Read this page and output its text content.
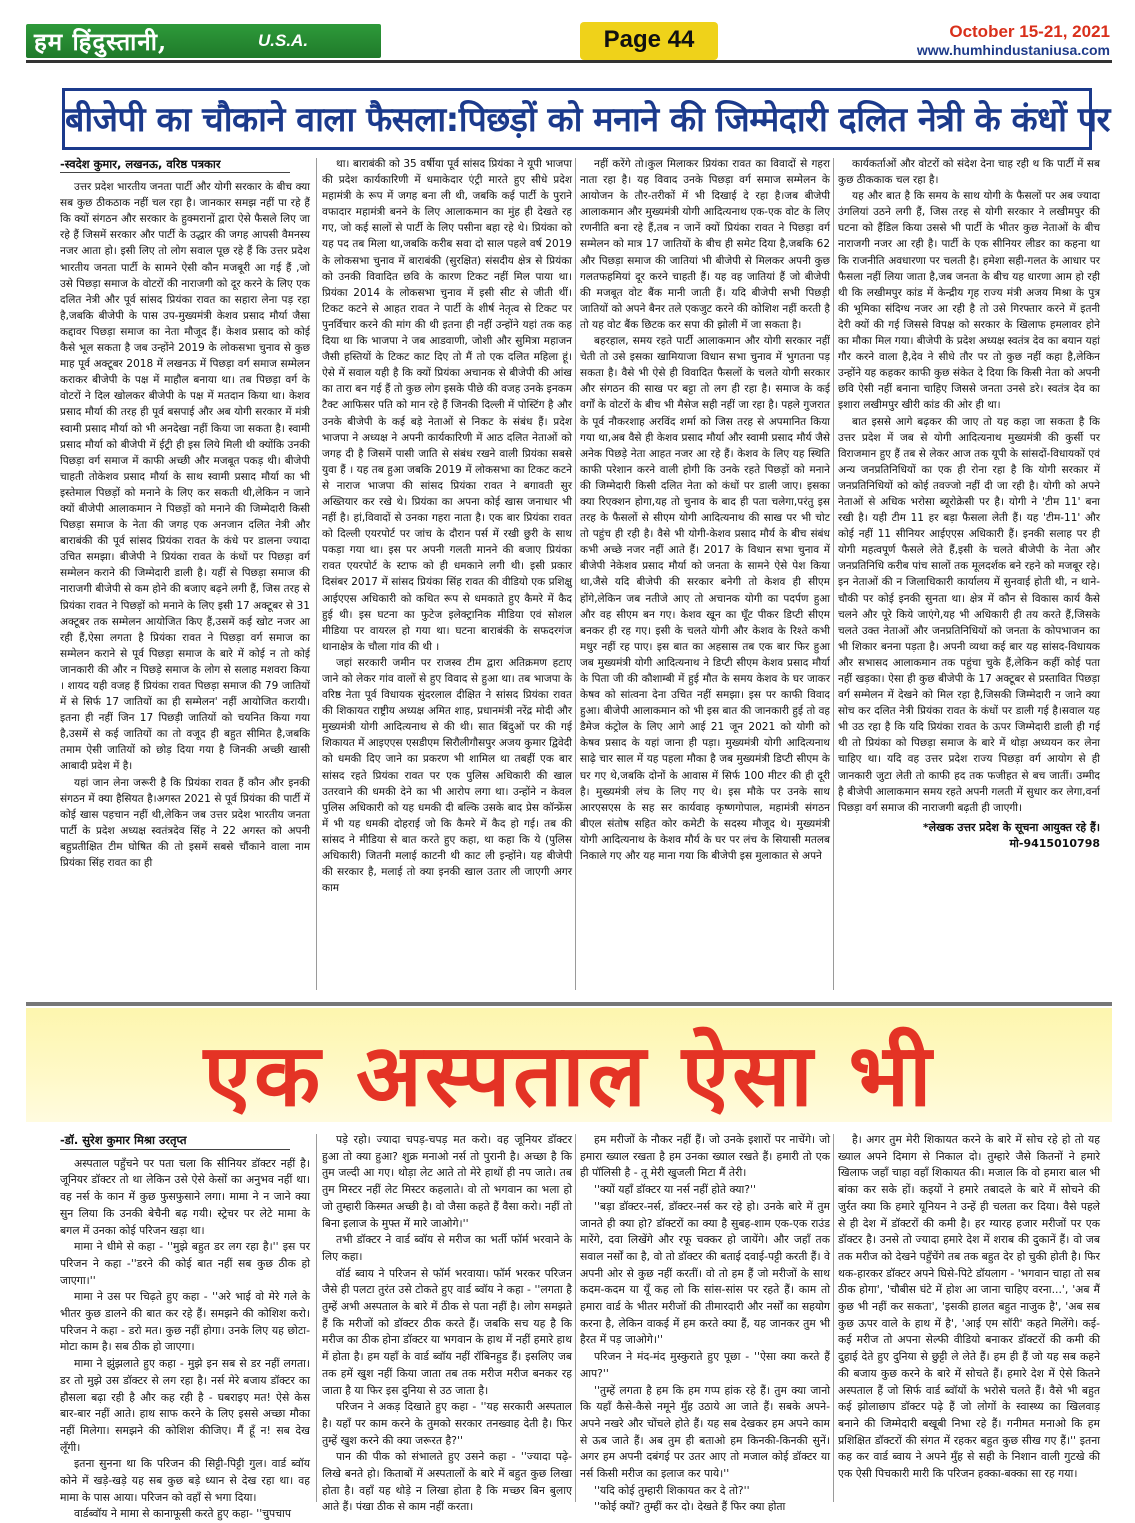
हम हिंदुस्तानी,	U.S.A.	Page 44	October 15-21, 2021
www.humhindustaniusa.com
बीजेपी का चौकाने वाला फैसला:पिछड़ों को मनाने की जिम्मेदारी दलित नेत्री के कंधों पर

-स्वदेश कुमार, लखनऊ, वरिष्ठ पत्रकार

उत्तर प्रदेश भारतीय जनता पार्टी और योगी सरकार के बीच क्या सब कुछ ठीकठाक नहीं चल रहा है। जानकार समझ नहीं पा रहे हैं कि क्यों संगठन और सरकार के हुक्मरानों द्वारा ऐसे फैसले लिए जा रहे हैं जिसमें सरकार और पार्टी के उद्धार की जगह आपसी वैमनस्य नजर आता हो। इसी लिए तो लोग सवाल पूछ रहे हैं कि उत्तर प्रदेश भारतीय जनता पार्टी के सामने ऐसी कौन मजबूरी आ गई हैं ,जो उसे पिछड़ा समाज के वोटरों की नाराजगी को दूर करने के लिए एक दलित नेत्री और पूर्व सांसद प्रियंका रावत का सहारा लेना पड़ रहा है,जबकि बीजेपी के पास उप-मुख्यमंत्री केशव प्रसाद मौर्या जैसा कद्दावर पिछड़ा समाज का नेता मौजूद हैं। केशव प्रसाद को कोई कैसे भूल सकता है जब उन्होंने 2019 के लोकसभा चुनाव से कुछ माह पूर्व अक्टूबर 2018 में लखनऊ में पिछड़ा वर्ग समाज सम्मेलन कराकर बीजेपी के पक्ष में माहौल बनाया था। तब पिछड़ा वर्ग के वोटरों ने दिल खोलकर बीजेपी के पक्ष में मतदान किया था। केशव प्रसाद मौर्या की तरह ही पूर्व बसपाई और अब योगी सरकार में मंत्री स्वामी प्रसाद मौर्या को भी अनदेखा नहीं किया जा सकता है। स्वामी प्रसाद मौर्या को बीजेपी में ईट्री ही इस लिये मिली थी क्योंकि उनकी पिछड़ा वर्ग समाज में काफी अच्छी और मजबूत पकड़ थी। बीजेपी चाहती तोकेशव प्रसाद मौर्या के साथ स्वामी प्रसाद मौर्या का भी इस्तेमाल पिछड़ों को मनाने के लिए कर सकती थी,लेकिन न जाने क्यों बीजेपी आलाकमान ने पिछड़ों को मनाने की जिम्मेदारी किसी पिछड़ा समाज के नेता की जगह एक अनजान दलित नेत्री और बाराबंकी की पूर्व सांसद प्रियंका रावत के कंधे पर डालना ज्यादा उचित समझा। बीजेपी ने प्रियंका रावत के कंधों पर पिछड़ा वर्ग सम्मेलन कराने की जिम्मेदारी डाली है। यहीं से पिछड़ा समाज की नाराजगी बीजेपी से कम होने की बजाए बढ़ने लगी हैं, जिस तरह से प्रियंका रावत ने पिछड़ों को मनाने के लिए इसी 17 अक्टूबर से 31 अक्टूबर तक सम्मेलन आयोजित किए हैं,उसमें कई खोट नजर आ रही हैं,ऐसा लगता है प्रियंका रावत ने पिछड़ा वर्ग समाज का सम्मेलन कराने से पूर्व पिछड़ा समाज के बारे में कोई न तो कोई जानकारी की और न पिछड़े समाज के लोग से सलाह मशवरा किया । शायद यही वजह हैं प्रियंका रावत पिछड़ा समाज की 79 जातियों में से सिर्फ 17 जातियों का ही सम्मेलन' नहीं आयोजित करायी। इतना ही नहीं जिन 17 पिछड़ी जातियों को चयनित किया गया है,उसमें से कई जातियों का तो वजूद ही बहुत सीमित है,जबकि तमाम ऐसी जातियों को छोड़ दिया गया है जिनकी अच्छी खासी आबादी प्रदेश में है।

यहां जान लेना जरूरी है कि प्रियंका रावत हैं कौन और इनकी संगठन में क्या हैसियत है।अगस्त 2021 से पूर्व प्रियंका की पार्टी में कोई खास पहचान नहीं थी,लेकिन जब उत्तर प्रदेश भारतीय जनता पार्टी के प्रदेश अध्यक्ष स्वतंत्रदेव सिंह ने 22 अगस्त को अपनी बहुप्रतीक्षित टीम घोषित की तो इसमें सबसे चौंकाने वाला नाम प्रियंका सिंह रावत का ही

था। बाराबंकी को 35 वर्षीया पूर्व सांसद प्रियंका ने यूपी भाजपा की प्रदेश कार्यकारिणी में धमाकेदार एंट्री मारते हुए सीधे प्रदेश महामंत्री के रूप में जगह बना ली थी, जबकि कई पार्टी के पुराने वफादार महामंत्री बनने के लिए आलाकमान का मुंह ही देखते रह गए, जो कई सालों से पार्टी के लिए पसीना बहा रहे थे। प्रियंका को यह पद तब मिला था,जबकि करीब सवा दो साल पहले वर्ष 2019 के लोकसभा चुनाव में बाराबंकी (सुरक्षित) संसदीय क्षेत्र से प्रियंका को उनकी विवादित छवि के कारण टिकट नहीं मिल पाया था। प्रियंका 2014 के लोकसभा चुनाव में इसी सीट से जीती थीं। टिकट कटने से आहत रावत ने पार्टी के शीर्ष नेतृत्व से टिकट पर पुनर्विचार करने की मांग की थी इतना ही नहीं उन्होंने यहां तक कह दिया था कि भाजपा ने जब आडवाणी, जोशी और सुमित्रा महाजन जैसी हस्तियों के टिकट काट दिए तो मैं तो एक दलित महिला हूं। ऐसे में सवाल यही है कि क्यों प्रियंका अचानक से बीजेपी की आंख का तारा बन गई हैं तो कुछ लोग इसके पीछे की वजह उनके इनकम टैक्ट आफिसर पति को मान रहे हैं जिनकी दिल्ली में पोस्टिंग है और उनके बीजेपी के कई बड़े नेताओं से निकट के संबंध हैं। प्रदेश भाजपा ने अध्यक्ष ने अपनी कार्यकारिणी में आठ दलित नेताओं को जगह दी है जिसमें पासी जाति से संबंध रखने वाली प्रियंका सबसे युवा हैं । यह तब हुआ जबकि 2019 में लोकसभा का टिकट कटने से नाराज भाजपा की सांसद प्रियंका रावत ने बगावती सुर अख्तियार कर रखे थे। प्रियंका का अपना कोई खास जनाधार भी नहीं है। हां,विवादों से उनका गहरा नाता है। एक बार प्रियंका रावत को दिल्ली एयरपोर्ट पर जांच के दौरान पर्स में रखी छुरी के साथ पकड़ा गया था। इस पर अपनी गलती मानने की बजाए प्रियंका रावत एयरपोर्ट के स्टाफ को ही धमकाने लगी थी। इसी प्रकार दिसंबर 2017 में सांसद प्रियंका सिंह रावत की वीडियो एक प्रशिक्षु आईएएस अधिकारी को कथित रूप से धमकाते हुए कैमरे में कैद हुई थी। इस घटना का फुटेज इलेक्ट्रानिक मीडिया एवं सोशल मीडिया पर वायरल हो गया था। घटना बाराबंकी के सफदरगंज थानाक्षेत्र के चौला गांव की थी ।

जहां सरकारी जमीन पर राजस्व टीम द्वारा अतिक्रमण हटाए जाने को लेकर गांव वालों से हुए विवाद से हुआ था। तब भाजपा के वरिष्ठ नेता पूर्व विधायक सुंदरलाल दीक्षित ने सांसद प्रियंका रावत की शिकायत राष्ट्रीय अध्यक्ष अमित शाह, प्रधानमंत्री नरेंद्र मोदी और मुख्यमंत्री योगी आदित्यनाथ से की थी। सात बिंदुओं पर की गई शिकायत में आइएएस एसडीएम सिरौलीगौसपुर अजय कुमार द्विवेदी को धमकी दिए जाने का प्रकरण भी शामिल था तबहीं एक बार सांसद रहते प्रियंका रावत पर एक पुलिस अधिकारी की खाल उतरवाने की धमकी देने का भी आरोप लगा था। उन्होंने न केवल पुलिस अधिकारी को यह धमकी दी बल्कि उसके बाद प्रेस कॉन्फ्रेंस में भी यह धमकी दोहराई जो कि कैमरे में कैद हो गई। तब की सांसद ने मीडिया से बात करते हुए कहा, था कहा कि ये (पुलिस अधिकारी) जितनी मलाई काटनी थी काट ली इन्होंने। यह बीजेपी की सरकार है, मलाई तो क्या इनकी खाल उतार ली जाएगी अगर काम

नहीं करेंगे तो।कुल मिलाकर प्रियंका रावत का विवादों से गहरा नाता रहा है। यह विवाद उनके पिछड़ा वर्ग समाज सम्मेलन के आयोजन के तौर-तरीकों में भी दिखाई दे रहा है।जब बीजेपी आलाकमान और मुख्यमंत्री योगी आदित्यनाथ एक-एक वोट के लिए रणनीति बना रहे हैं,तब न जानें क्यों प्रियंका रावत ने पिछड़ा वर्ग सम्मेलन को मात्र 17 जातियों के बीच ही समेट दिया है,जबकि 62 और पिछड़ा समाज की जातियां भी बीजेपी से मिलकर अपनी कुछ गलतफहमियां दूर करने चाहती हैं। यह वह जातियां हैं जो बीजेपी की मजबूत वोट बैंक मानी जाती हैं। यदि बीजेपी सभी पिछड़ी जातियों को अपने बैनर तले एकजुट करने की कोशिश नहीं करती है तो यह वोट बैंक छिटक कर सपा की झोली में जा सकता है।

बहरहाल, समय रहते पार्टी आलाकमान और योगी सरकार नहीं चेती तो उसे इसका खामियाजा विधान सभा चुनाव में भुगतना पड़ सकता है। वैसे भी ऐसे ही विवादित फैसलों के चलते योगी सरकार और संगठन की साख पर बट्टा तो लग ही रहा है। समाज के कई वर्गों के वोटरों के बीच भी मैसेज सही नहीं जा रहा है। पहले गुजरात के पूर्व नौकरशाह अरविंद शर्मा को जिस तरह से अपमानित किया गया था,अब वैसे ही केशव प्रसाद मौर्या और स्वामी प्रसाद मौर्य जैसे अनेक पिछड़े नेता आहत नजर आ रहे हैं। केशव के लिए यह स्थिति काफी परेशान करने वाली होगी कि उनके रहते पिछड़ों को मनाने की जिम्मेदारी किसी दलित नेता को कंधों पर डाली जाए। इसका क्या रिएक्शन होगा,यह तो चुनाव के बाद ही पता चलेगा,परंतु इस तरह के फैसलों से सीएम योगी आदित्यनाथ की साख पर भी चोट तो पहुंच ही रही है। वैसे भी योगी-केशव प्रसाद मौर्य के बीच संबंध कभी अच्छे नजर नहीं आते हैं। 2017 के विधान सभा चुनाव में बीजेपी नेकेशव प्रसाद मौर्या को जनता के सामने ऐसे पेश किया था,जैसे यदि बीजेपी की सरकार बनेगी तो केशव ही सीएम होंगे,लेकिन जब नतीजे आए तो अचानक योगी का पदर्पण हुआ और वह सीएम बन गए। केशव खून का घूँट पीकर डिप्टी सीएम बनकर ही रह गए। इसी के चलते योगी और केशव के रिश्ते कभी मधुर नहीं रह पाए। इस बात का अहसास तब एक बार फिर हुआ जब मुख्यमंत्री योगी आदित्यनाथ ने डिप्टी सीएम केशव प्रसाद मौर्या के पिता जी की कौशाम्बी में हुई मौत के समय केशव के घर जाकर केषव को सांत्वना देना उचित नहीं समझा। इस पर काफी विवाद हुआ। बीजेपी आलाकमान को भी इस बात की जानकारी हुई तो वह डैमेज कंट्रोल के लिए आगे आई 21 जून 2021 को योगी को केषव प्रसाद के यहां जाना ही पड़ा। मुख्यमंत्री योगी आदित्यनाथ साढ़े चार साल में यह पहला मौका है जब मुख्यमंत्री डिप्टी सीएम के घर गए थे,जबकि दोनों के आवास में सिर्फ 100 मीटर की ही दूरी है। मुख्यमंत्री लंच के लिए गए थे। इस मौके पर उनके साथ आरएसएस के सह सर कार्यवाह कृष्णगोपाल, महामंत्री संगठन बीएल संतोष सहित कोर कमेटी के सदस्य मौजूद थे। मुख्यमंत्री योगी आदित्यनाथ के केशव मौर्य के घर पर लंच के सियासी मतलब निकाले गए और यह माना गया कि बीजेपी इस मुलाकात से अपने

कार्यकर्ताओं और वोटरों को संदेश देना चाह रही थ कि पार्टी में सब कुछ ठीककाक चल रहा है।

यह और बात है कि समय के साथ योगी के फैसलों पर अब ज्यादा उंगलियां उठने लगी हैं, जिस तरह से योगी सरकार ने लखीमपुर की घटना को हैंडिल किया उससे भी पार्टी के भीतर कुछ नेताओं के बीच नाराजगी नजर आ रही है। पार्टी के एक सीनियर लीडर का कहना था कि राजनीति अवधारणा पर चलती है। हमेशा सही-गलत के आधार पर फैसला नहीं लिया जाता है,जब जनता के बीच यह धारणा आम हो रही थी कि लखीमपुर कांड में केन्द्रीय गृह राज्य मंत्री अजय मिश्रा के पुत्र की भूमिका संदिग्ध नजर आ रही है तो उसे गिरफ्तार करने में इतनी देरी क्यों की गई जिससे विपक्ष को सरकार के खिलाफ हमलावर होने का मौका मिल गया। बीजेपी के प्रदेश अध्यक्ष स्वतंत्र देव का बयान यहां गौर करने वाला है,देव ने सीधे तौर पर तो कुछ नहीं कहा है,लेकिन उन्होंने यह कहकर काफी कुछ संकेत दे दिया कि किसी नेता को अपनी छवि ऐसी नहीं बनाना चाहिए जिससे जनता उनसे डरे। स्वतंत्र देव का इशारा लखीमपुर खीरी कांड की ओर ही था।

बात इससे आगे बढ़कर की जाए तो यह कहा जा सकता है कि उत्तर प्रदेश में जब से योगी आदित्यनाथ मुख्यमंत्री की कुर्सी पर विराजमान हुए हैं तब से लेकर आज तक यूपी के सांसदों-विधायकों एवं अन्य जनप्रतिनिधियों का एक ही रोना रहा है कि योगी सरकार में जनप्रतिनिधियों को कोई तवज्जो नहीं दी जा रही है। योगी को अपने नेताओं से अधिक भरोसा ब्यूरोक्रेसी पर है। योगी ने 'टीम 11' बना रखी है। यही टीम 11 हर बड़ा फैसला लेती हैं। यह 'टीम-11' और कोई नहीं 11 सीनियर आईएएस अधिकारी हैं। इनकी सलाह पर ही योगी महत्वपूर्ण फैसले लेते हैं,इसी के चलते बीजेपी के नेता और जनप्रतिनिधि करीब पांच सालों तक मूलदर्शक बने रहने को मजबूर रहे। इन नेताओं की न जिलाधिकारी कार्यालय में सुनवाई होती थी, न थाने-चौकी पर कोई इनकी सुनता था। क्षेत्र में कौन से विकास कार्य कैसे चलने और पूरे किये जाएंगे,यह भी अधिकारी ही तय करते हैं,जिसके चलते उक्त नेताओं और जनप्रतिनिधियों को जनता के कोपभाजन का भी शिकार बनना पड़ता है। अपनी व्यथा कई बार यह सांसद-विधायक और सभासद आलाकमान तक पहुंचा चुके हैं,लेकिन कहीं कोई पता नहीं खड़का। ऐसा ही कुछ बीजेपी के 17 अक्टूबर से प्रस्तावित पिछड़ा वर्ग सम्मेलन में देखने को मिल रहा है,जिसकी जिम्मेदारी न जाने क्या सोच कर दलित नेत्री प्रियंका रावत के कंधों पर डाली गई है।सवाल यह भी उठ रहा है कि यदि प्रियंका रावत के ऊपर जिम्मेदारी डाली ही गई थी तो प्रियंका को पिछड़ा समाज के बारे में थोड़ा अध्ययन कर लेना चाहिए था। यदि वह उत्तर प्रदेश राज्य पिछड़ा वर्ग आयोग से ही जानकारी जुटा लेती तो काफी हद तक फजीहत से बच जातीं। उम्मीद है बीजेपी आलाकमान समय रहते अपनी गलती में सुधार कर लेगा,वर्ना पिछड़ा वर्ग समाज की नाराजगी बढ़ती ही जाएगी।

*लेखक उत्तर प्रदेश के सूचना आयुक्त रहे हैं।
मो-9415010798
एक अस्पताल ऐसा भी

-डॉ. सुरेश कुमार मिश्रा उरतृप्त

अस्पताल पहुँचने पर पता चला कि सीनियर डॉक्टर नहीं है। जूनियर डॉक्टर तो था लेकिन उसे ऐसे केसों का अनुभव नहीं था। वह नर्स के कान में कुछ फुसफुसाने लगा। मामा ने न जाने क्या सुन लिया कि उनकी बेचैनी बढ़ गयी। स्ट्रेचर पर लेटे मामा के बगल में उनका कोई परिजन खड़ा था।

मामा ने धीमे से कहा - ''मुझे बहुत डर लग रहा है।'' इस पर परिजन ने कहा -''डरने की कोई बात नहीं सब कुछ ठीक हो जाएगा।''

मामा ने उस पर चिढ़ते हुए कहा - ''अरे भाई वो मेरे गले के भीतर कुछ डालने की बात कर रहे हैं। समझने की कोशिश करो। परिजन ने कहा - डरो मत। कुछ नहीं होगा। उनके लिए यह छोटा-मोटा काम है। सब ठीक हो जाएगा।

मामा ने झुंझलाते हुए कहा - मुझे इन सब से डर नहीं लगता। डर तो मुझे उस डॉक्टर से लग रहा है। नर्स मेरे बजाय डॉक्टर का हौसला बढ़ा रही है और कह रही है - घबराइए मत! ऐसे केस बार-बार नहीं आते। हाथ साफ करने के लिए इससे अच्छा मौका नहीं मिलेगा। समझने की कोशिश कीजिए। मैं हूँ न! सब देख लूँगी।

इतना सुनना था कि परिजन की सिट्टी-पिट्टी गुल। वार्ड ब्वॉय कोने में खड़े-खड़े यह सब कुछ बड़े ध्यान से देख रहा था। वह मामा के पास आया। परिजन को वहाँ से भगा दिया।

वार्डब्वॉय ने मामा से कानाफूसी करते हुए कहा- ''चुपचाप

पड़े रहो। ज्यादा चपड़-चपड़ मत करो। वह जूनियर डॉक्टर हुआ तो क्या हुआ? शुक्र मनाओ नर्स तो पुरानी है। अच्छा है कि तुम जल्दी आ गए। थोड़ा लेट आते तो मेरे हाथों ही नप जाते। तब तुम मिस्टर नहीं लेट मिस्टर कहलाते। वो तो भगवान का भला हो जो तुम्हारी किस्मत अच्छी है। वो जैसा कहते हैं वैसा करो। नहीं तो बिना इलाज के मुफ्त में मारे जाओगे।''

तभी डॉक्टर ने वार्ड ब्वॉय से मरीज का भर्ती फॉर्म भरवाने के लिए कहा।

वॉर्ड ब्वाय ने परिजन से फॉर्म भरवाया। फॉर्म भरकर परिजन जैसे ही पलटा तुरंत उसे टोकते हुए वार्ड ब्वॉय ने कहा - ''लगता है तुम्हें अभी अस्पताल के बारे में ठीक से पता नहीं है। लोग समझते हैं कि मरीजों को डॉक्टर ठीक करते हैं। जबकि सच यह है कि मरीज का ठीक होना डॉक्टर या भगवान के हाथ में नहीं हमारे हाथ में होता है। हम यहाँ के वार्ड ब्वॉय नहीं रॉबिनहुड हैं। इसलिए जब तक हमें खुश नहीं किया जाता तब तक मरीज मरीज बनकर रह जाता है या फिर इस दुनिया से उठ जाता है।

परिजन ने अकड़ दिखाते हुए कहा - ''यह सरकारी अस्पताल है। यहाँ पर काम करने के तुमको सरकार तनख्वाह देती है। फिर तुम्हें खुश करने की क्या जरूरत है?''

पान की पीक को संभालते हुए उसने कहा - ''ज्यादा पढ़े-लिखे बनते हो। किताबों में अस्पतालों के बारे में बहुत कुछ लिखा होता है। वहाँ यह थोड़े न लिखा होता है कि मच्छर बिन बुलाए आते हैं। पंखा ठीक से काम नहीं करता।

हम मरीजों के नौकर नहीं हैं। जो उनके इशारों पर नाचेंगे। जो हमारा ख्याल रखता है हम उनका ख्याल रखते हैं। हमारी तो एक ही पॉलिसी है - तू मेरी खुजली मिटा मैं तेरी।

''क्यों यहाँ डॉक्टर या नर्स नहीं होते क्या?''

''बड़ा डॉक्टर-नर्स, डॉक्टर-नर्स कर रहे हो। उनके बारे में तुम जानते ही क्या हो? डॉक्टरों का क्या है सुबह-शाम एक-एक राउंड मारेंगे, दवा लिखेंगे और रफू चक्कर हो जायेंगे। और जहाँ तक सवाल नर्सों का है, वो तो डॉक्टर की बताई दवाई-पट्टी करती हैं। वे अपनी ओर से कुछ नहीं करतीं। वो तो हम हैं जो मरीजों के साथ कदम-कदम या यूँ कह लो कि सांस-सांस पर रहते हैं। काम तो हमारा वार्ड के भीतर मरीजों की तीमारदारी और नर्सों का सहयोग करना है, लेकिन वाकई में हम करते क्या हैं, यह जानकर तुम भी हैरत में पड़ जाओगे।''

परिजन ने मंद-मंद मुस्कुराते हुए पूछा - ''ऐसा क्या करते हैं आप?''

''तुम्हें लगता है हम कि हम गप्प हांक रहे हैं। तुम क्या जानो कि यहाँ कैसे-कैसे नमूने मुँह उठाये आ जाते हैं। सबके अपने-अपने नखरे और चोंचले होते हैं। यह सब देखकर हम अपने काम से ऊब जाते हैं। अब तुम ही बताओ हम किनकी-किनकी सुनें। अगर हम अपनी दबंगई पर उतर आए तो मजाल कोई डॉक्टर या नर्स किसी मरीज का इलाज कर पाये।''

''यदि कोई तुम्हारी शिकायत कर दे तो?''

''कोई क्यों? तुम्हीं कर दो। देखते हैं फिर क्या होता

है। अगर तुम मेरी शिकायत करने के बारे में सोच रहे हो तो यह ख्याल अपने दिमाग से निकाल दो। तुम्हारे जैसे कितनों ने हमारे खिलाफ जहाँ चाहा वहाँ शिकायत की। मजाल कि वो हमारा बाल भी बांका कर सके हों। कइयों ने हमारे तबादले के बारे में सोचने की जुर्रत क्या कि हमारे यूनियन ने उन्हें ही चलता कर दिया। वैसे पहले से ही देश में डॉक्टरों की कमी है। हर ग्यारह हजार मरीजों पर एक डॉक्टर है। उनसे तो ज्यादा हमारे देश में शराब की दुकानें हैं। वो जब तक मरीज को देखने पहुँचेंगे तब तक बहुत देर हो चुकी होती है। फिर थक-हारकर डॉक्टर अपने घिसे-पिटे डॉयलाग - 'भगवान चाहा तो सब ठीक होगा', 'चौबीस घंटे में होश आ जाना चाहिए वरना...', 'अब मैं कुछ भी नहीं कर सकता', 'इसकी हालत बहुत नाजुक है', 'अब सब कुछ ऊपर वाले के हाथ में है', 'आई एम सॉरी' कहते मिलेंगे। कई-कई मरीज तो अपना सेल्फी वीडियो बनाकर डॉक्टरों की कमी की दुहाई देते हुए दुनिया से छुट्टी ले लेते हैं। हम ही हैं जो यह सब कहने की बजाय कुछ करने के बारे में सोचते हैं। हमारे देश में ऐसे कितने अस्पताल हैं जो सिर्फ वार्ड ब्वॉयों के भरोसे चलते हैं। वैसे भी बहुत कई झोलाछाप डॉक्टर पढ़े हैं जो लोगों के स्वास्थ्य का खिलवाड़ बनाने की जिम्मेदारी बखूबी निभा रहे हैं। गनीमत मनाओ कि हम प्रशिक्षित डॉक्टरों की संगत में रहकर बहुत कुछ सीख गए हैं।'' इतना कह कर वार्ड ब्वाय ने अपने मुँह से सही के निशान वाली गुटखे की एक ऐसी पिचकारी मारी कि परिजन हक्का-बक्का सा रह गया।
